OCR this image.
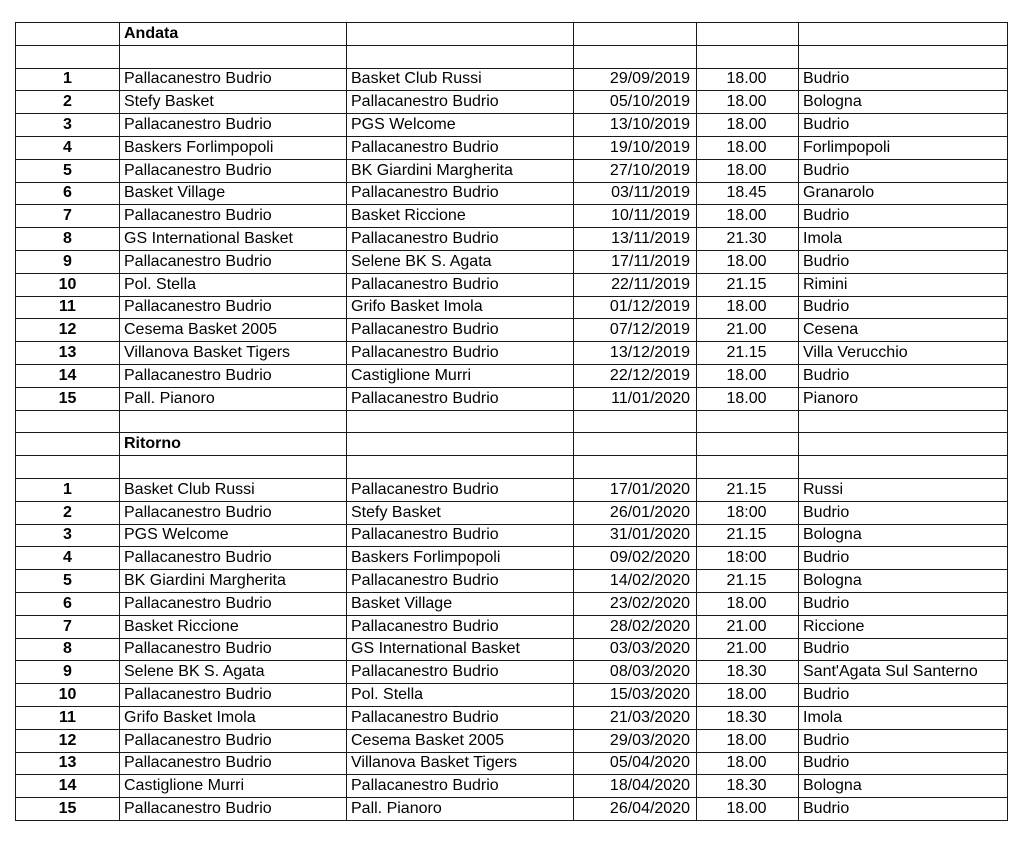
	Andata				

1	Pallacanestro Budrio	Basket Club Russi	29/09/2019	18.00	Budrio
2	Stefy Basket	Pallacanestro Budrio	05/10/2019	18.00	Bologna
3	Pallacanestro Budrio	PGS Welcome	13/10/2019	18.00	Budrio
4	Baskers Forlimpopoli	Pallacanestro Budrio	19/10/2019	18.00	Forlimpopoli
5	Pallacanestro Budrio	BK Giardini Margherita	27/10/2019	18.00	Budrio
6	Basket Village	Pallacanestro Budrio	03/11/2019	18.45	Granarolo
7	Pallacanestro Budrio	Basket Riccione	10/11/2019	18.00	Budrio
8	GS International Basket	Pallacanestro Budrio	13/11/2019	21.30	Imola
9	Pallacanestro Budrio	Selene BK S. Agata	17/11/2019	18.00	Budrio
10	Pol. Stella	Pallacanestro Budrio	22/11/2019	21.15	Rimini
11	Pallacanestro Budrio	Grifo Basket Imola	01/12/2019	18.00	Budrio
12	Cesema Basket 2005	Pallacanestro Budrio	07/12/2019	21.00	Cesena
13	Villanova Basket Tigers	Pallacanestro Budrio	13/12/2019	21.15	Villa Verucchio
14	Pallacanestro Budrio	Castiglione Murri	22/12/2019	18.00	Budrio
15	Pall. Pianoro	Pallacanestro Budrio	11/01/2020	18.00	Pianoro

	Ritorno				

1	Basket Club Russi	Pallacanestro Budrio	17/01/2020	21.15	Russi
2	Pallacanestro Budrio	Stefy Basket	26/01/2020	18:00	Budrio
3	PGS Welcome	Pallacanestro Budrio	31/01/2020	21.15	Bologna
4	Pallacanestro Budrio	Baskers Forlimpopoli	09/02/2020	18:00	Budrio
5	BK Giardini Margherita	Pallacanestro Budrio	14/02/2020	21.15	Bologna
6	Pallacanestro Budrio	Basket Village	23/02/2020	18.00	Budrio
7	Basket Riccione	Pallacanestro Budrio	28/02/2020	21.00	Riccione
8	Pallacanestro Budrio	GS International Basket	03/03/2020	21.00	Budrio
9	Selene BK S. Agata	Pallacanestro Budrio	08/03/2020	18.30	Sant'Agata Sul Santerno
10	Pallacanestro Budrio	Pol. Stella	15/03/2020	18.00	Budrio
11	Grifo Basket Imola	Pallacanestro Budrio	21/03/2020	18.30	Imola
12	Pallacanestro Budrio	Cesema Basket 2005	29/03/2020	18.00	Budrio
13	Pallacanestro Budrio	Villanova Basket Tigers	05/04/2020	18.00	Budrio
14	Castiglione Murri	Pallacanestro Budrio	18/04/2020	18.30	Bologna
15	Pallacanestro Budrio	Pall. Pianoro	26/04/2020	18.00	Budrio
